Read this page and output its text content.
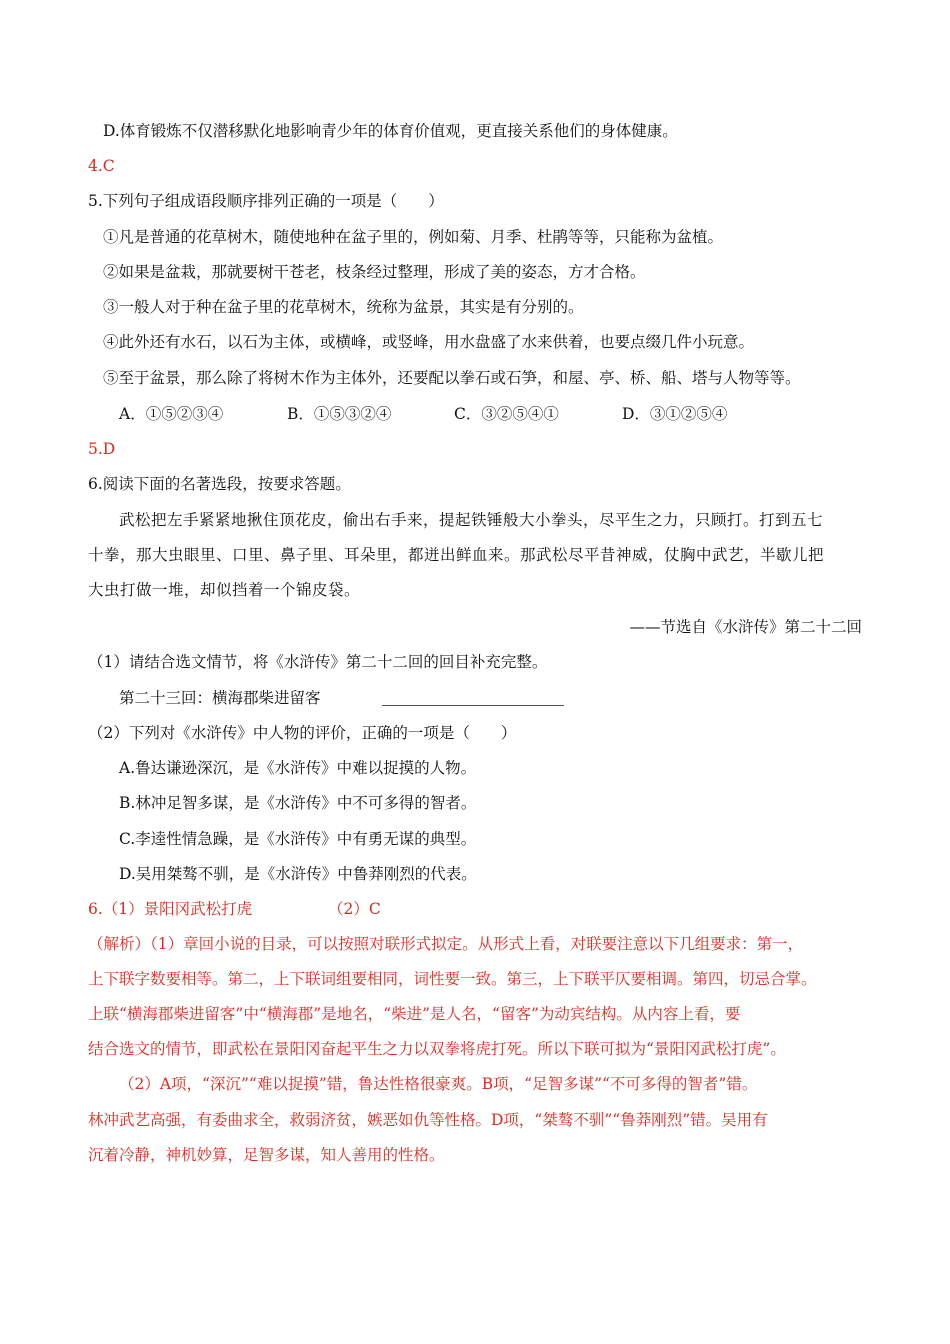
D.体育锻炼不仅潜移默化地影响青少年的体育价值观，更直接关系他们的身体健康。
4.C
5.下列句子组成语段顺序排列正确的一项是（　　）
①凡是普通的花草树木，随使地种在盆子里的，例如菊、月季、杜鹃等等，只能称为盆植。
②如果是盆栽，那就要树干苍老，枝条经过整理，形成了美的姿态，方才合格。
③一般人对于种在盆子里的花草树木，统称为盆景，其实是有分别的。
④此外还有水石，以石为主体，或横峰，或竖峰，用水盘盛了水来供着，也要点缀几件小玩意。
⑤至于盆景，那么除了将树木作为主体外，还要配以拳石或石笋，和屋、亭、桥、船、塔与人物等等。
A．①⑤②③④	B．①⑤③②④	C．③②⑤④①	D．③①②⑤④
5.D
6.阅读下面的名著选段，按要求答题。
武松把左手紧紧地揪住顶花皮，偷出右手来，提起铁锤般大小拳头，尽平生之力，只顾打。打到五七
十拳，那大虫眼里、口里、鼻子里、耳朵里，都迸出鲜血来。那武松尽平昔神威，仗胸中武艺，半歇儿把
大虫打做一堆，却似挡着一个锦皮袋。
——节选自《水浒传》第二十二回
（1）请结合选文情节，将《水浒传》第二十二回的回目补充完整。
第二十三回：横海郡柴进留客
（2）下列对《水浒传》中人物的评价，正确的一项是（　　）
A.鲁达谦逊深沉，是《水浒传》中难以捉摸的人物。
B.林冲足智多谋，是《水浒传》中不可多得的智者。
C.李逵性情急躁，是《水浒传》中有勇无谋的典型。
D.吴用桀骜不驯，是《水浒传》中鲁莽刚烈的代表。
6.（1）景阳冈武松打虎	（2）C
（解析）（1）章回小说的目录，可以按照对联形式拟定。从形式上看，对联要注意以下几组要求：第一，
上下联字数要相等。第二，上下联词组要相同，词性要一致。第三，上下联平仄要相调。第四，切忌合掌。
上联“横海郡柴进留客”中“横海郡”是地名，“柴进”是人名，“留客”为动宾结构。从内容上看，要
结合选文的情节，即武松在景阳冈奋起平生之力以双拳将虎打死。所以下联可拟为“景阳冈武松打虎”。
（2）A项，“深沉”“难以捉摸”错，鲁达性格很豪爽。B项，“足智多谋”“不可多得的智者”错。
林冲武艺高强，有委曲求全，救弱济贫，嫉恶如仇等性格。D项，“桀骜不驯”“鲁莽刚烈”错。吴用有
沉着冷静，神机妙算，足智多谋，知人善用的性格。
